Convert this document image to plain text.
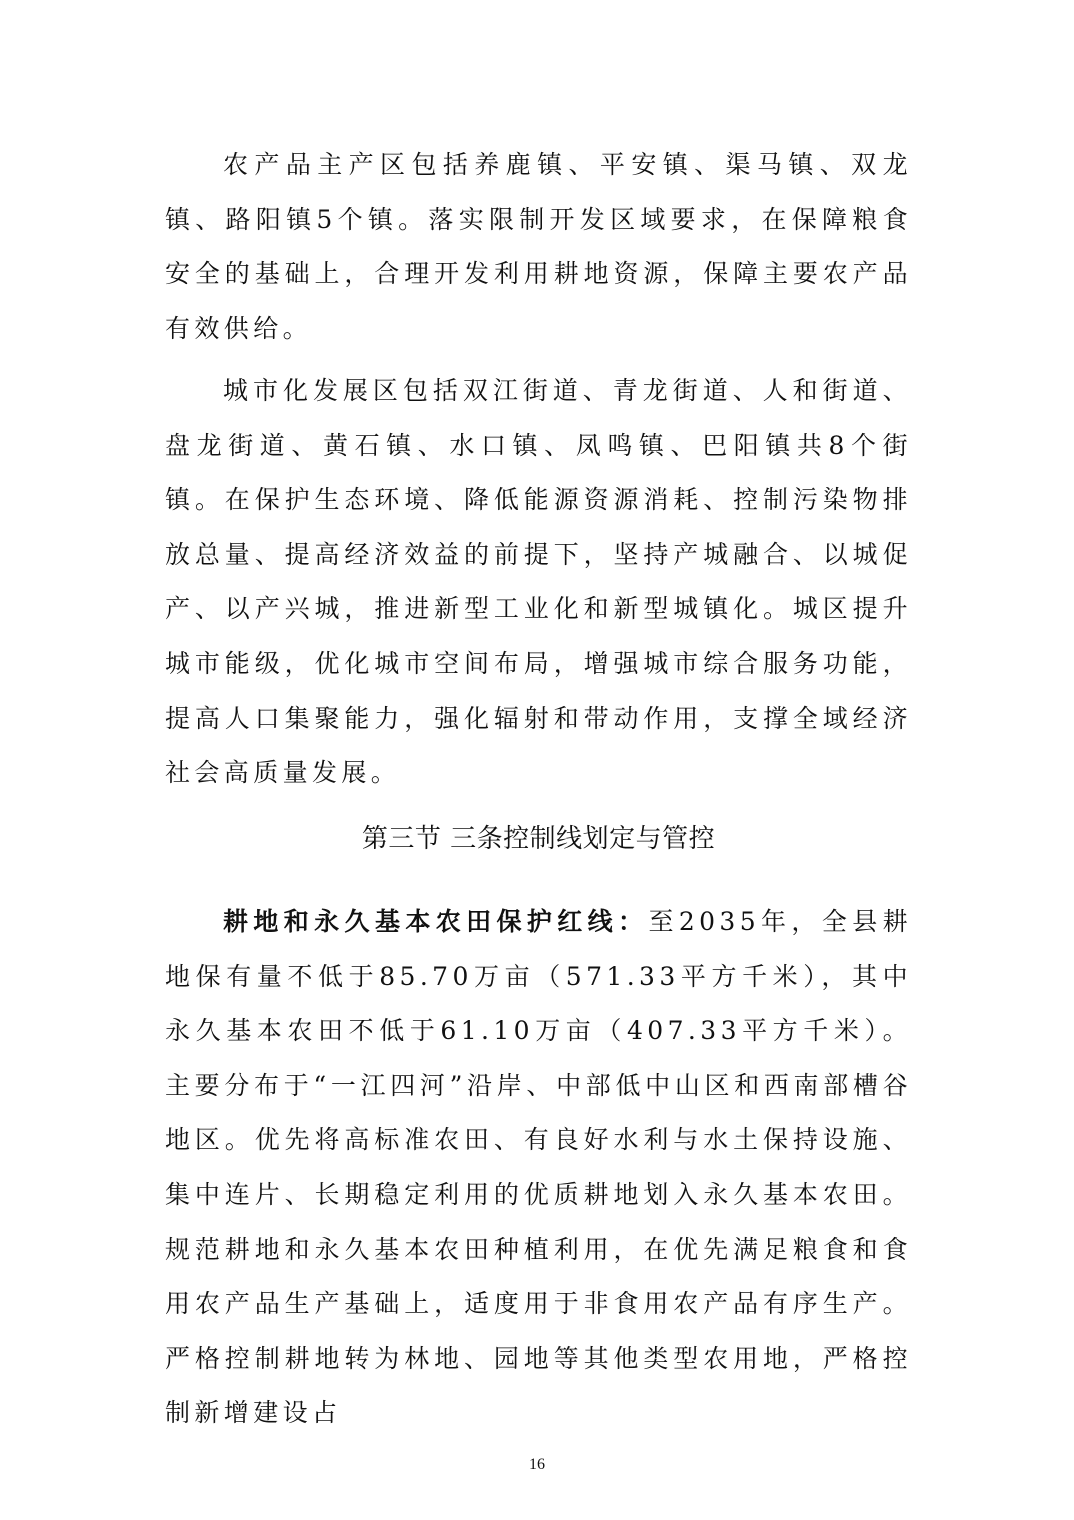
农产品主产区包括养鹿镇、平安镇、渠马镇、双龙镇、路阳镇5个镇。落实限制开发区域要求，在保障粮食安全的基础上，合理开发利用耕地资源，保障主要农产品有效供给。

城市化发展区包括双江街道、青龙街道、人和街道、盘龙街道、黄石镇、水口镇、凤鸣镇、巴阳镇共8个街镇。在保护生态环境、降低能源资源消耗、控制污染物排放总量、提高经济效益的前提下，坚持产城融合、以城促产、以产兴城，推进新型工业化和新型城镇化。城区提升城市能级，优化城市空间布局，增强城市综合服务功能，提高人口集聚能力，强化辐射和带动作用，支撑全域经济社会高质量发展。

第三节 三条控制线划定与管控

耕地和永久基本农田保护红线：至2035年，全县耕地保有量不低于85.70万亩（571.33平方千米），其中永久基本农田不低于61.10万亩（407.33平方千米）。主要分布于“一江四河”沿岸、中部低中山区和西南部槽谷地区。优先将高标准农田、有良好水利与水土保持设施、集中连片、长期稳定利用的优质耕地划入永久基本农田。规范耕地和永久基本农田种植利用，在优先满足粮食和食用农产品生产基础上，适度用于非食用农产品有序生产。严格控制耕地转为林地、园地等其他类型农用地，严格控制新增建设占

16
